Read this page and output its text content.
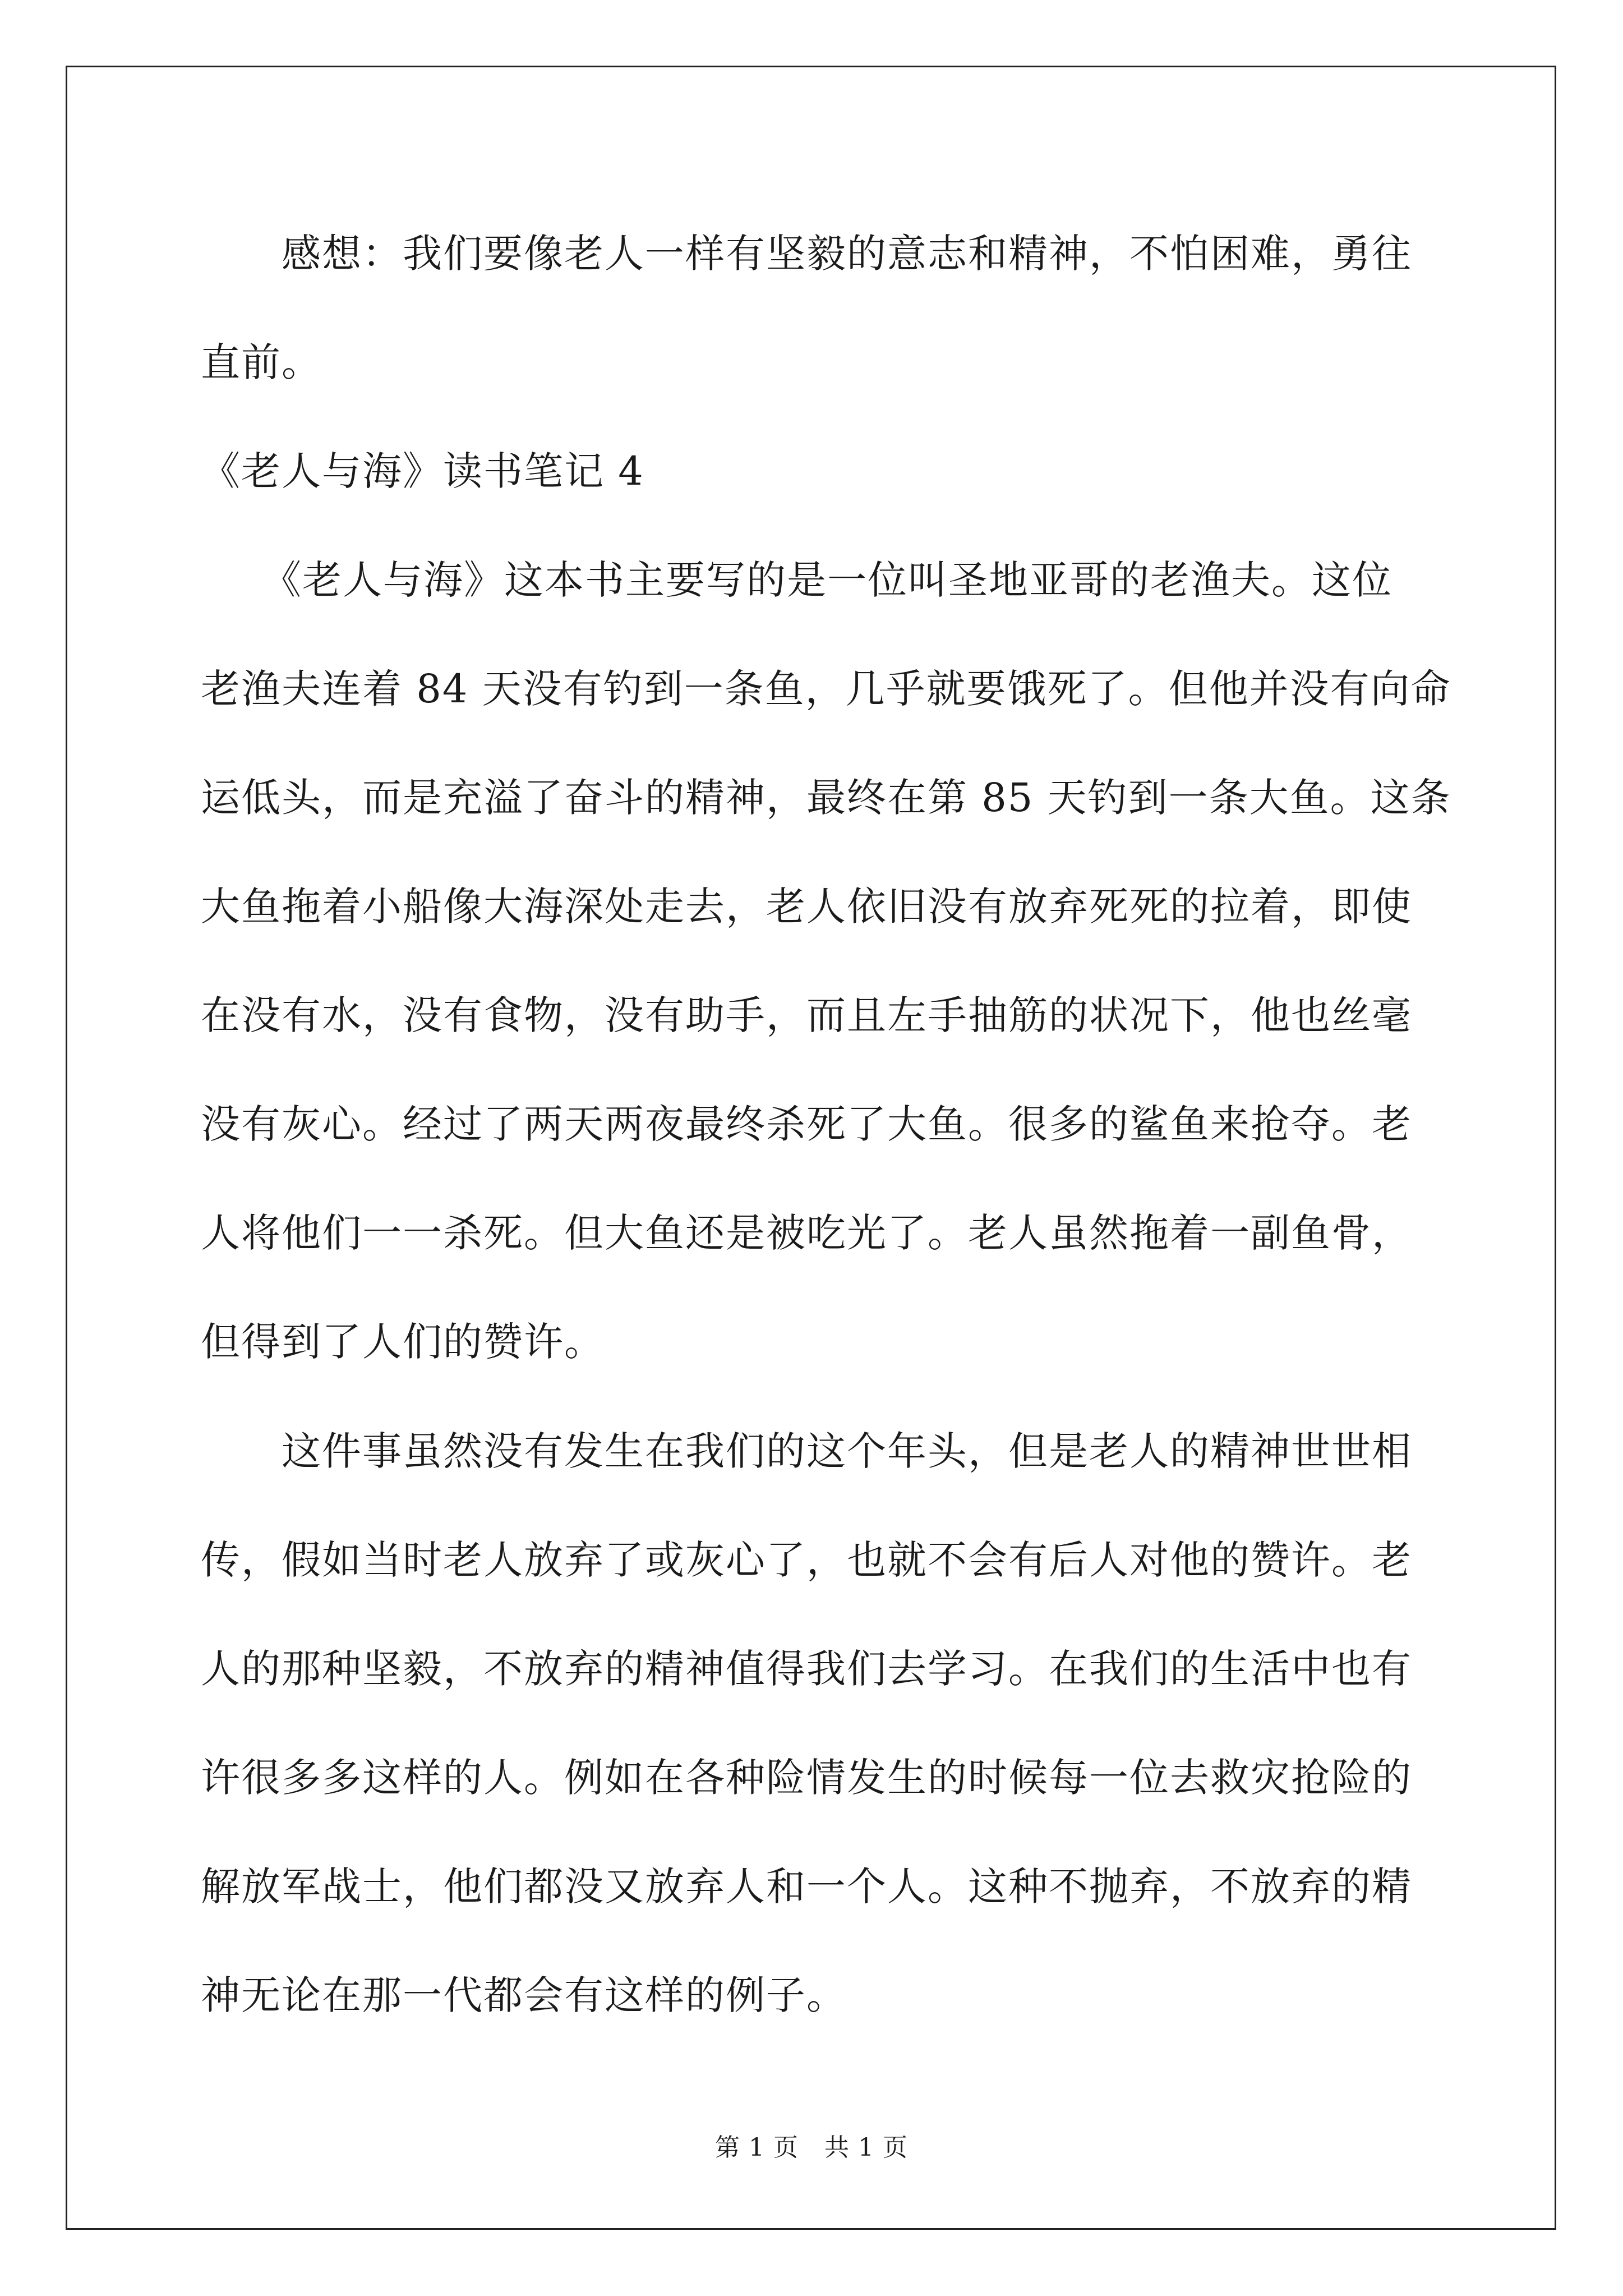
　　感想：我们要像老人一样有坚毅的意志和精神，不怕困难，勇往
直前。
《老人与海》读书笔记 4
　　《老人与海》这本书主要写的是一位叫圣地亚哥的老渔夫。这位
老渔夫连着 84 天没有钓到一条鱼，几乎就要饿死了。但他并没有向命
运低头，而是充溢了奋斗的精神，最终在第 85 天钓到一条大鱼。这条
大鱼拖着小船像大海深处走去，老人依旧没有放弃死死的拉着，即使
在没有水，没有食物，没有助手，而且左手抽筋的状况下，他也丝毫
没有灰心。经过了两天两夜最终杀死了大鱼。很多的鲨鱼来抢夺。老
人将他们一一杀死。但大鱼还是被吃光了。老人虽然拖着一副鱼骨，
但得到了人们的赞许。
　　这件事虽然没有发生在我们的这个年头，但是老人的精神世世相
传，假如当时老人放弃了或灰心了，也就不会有后人对他的赞许。老
人的那种坚毅，不放弃的精神值得我们去学习。在我们的生活中也有
许很多多这样的人。例如在各种险情发生的时候每一位去救灾抢险的
解放军战士，他们都没又放弃人和一个人。这种不抛弃，不放弃的精
神无论在那一代都会有这样的例子。
第 1 页 共 1 页
